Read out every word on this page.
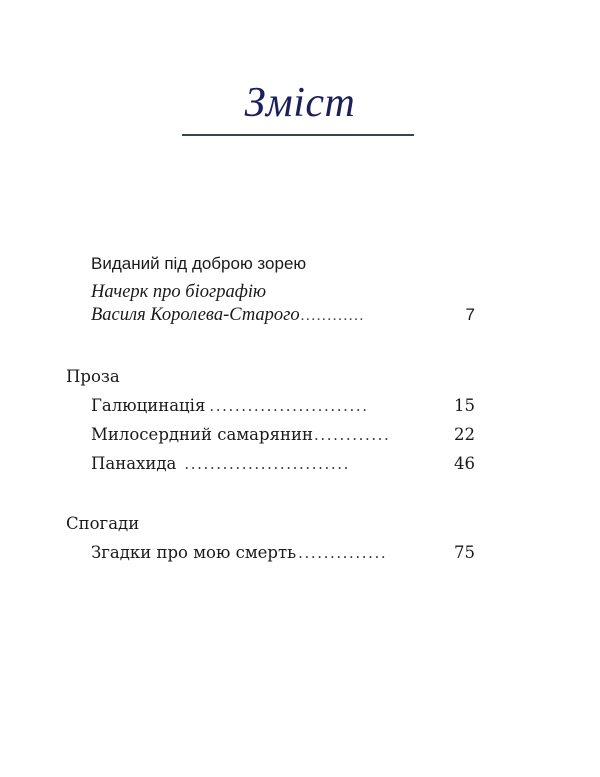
Зміст
Виданий під доброю зорею
Начерк про біографію
Василя Королева-Старого ............	7
Проза
Галюцинація .........................	15
Милосердний самарянин ............	22
Панахида ..........................	46
Спогади
Згадки про мою смерть ..............	75
